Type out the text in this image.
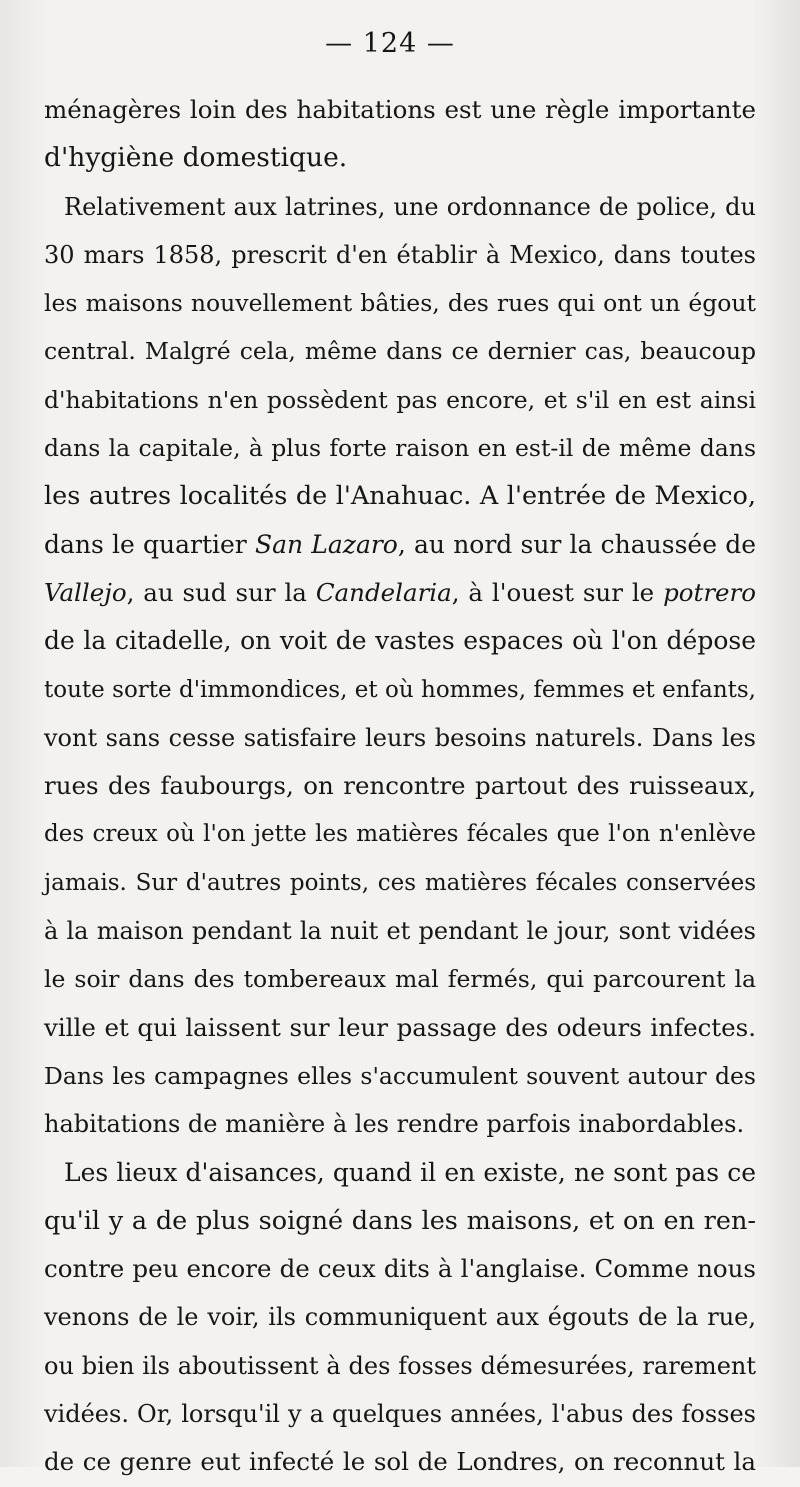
— 124 —
ménagères loin des habitations est une règle importante
d'hygiène domestique.
Relativement aux latrines, une ordonnance de police, du
30 mars 1858, prescrit d'en établir à Mexico, dans toutes
les maisons nouvellement bâties, des rues qui ont un égout
central. Malgré cela, même dans ce dernier cas, beaucoup
d'habitations n'en possèdent pas encore, et s'il en est ainsi
dans la capitale, à plus forte raison en est-il de même dans
les autres localités de l'Anahuac. A l'entrée de Mexico,
dans le quartier San Lazaro, au nord sur la chaussée de
Vallejo, au sud sur la Candelaria, à l'ouest sur le potrero
de la citadelle, on voit de vastes espaces où l'on dépose
toute sorte d'immondices, et où hommes, femmes et enfants,
vont sans cesse satisfaire leurs besoins naturels. Dans les
rues des faubourgs, on rencontre partout des ruisseaux,
des creux où l'on jette les matières fécales que l'on n'enlève
jamais. Sur d'autres points, ces matières fécales conservées
à la maison pendant la nuit et pendant le jour, sont vidées
le soir dans des tombereaux mal fermés, qui parcourent la
ville et qui laissent sur leur passage des odeurs infectes.
Dans les campagnes elles s'accumulent souvent autour des
habitations de manière à les rendre parfois inabordables.
Les lieux d'aisances, quand il en existe, ne sont pas ce
qu'il y a de plus soigné dans les maisons, et on en ren-
contre peu encore de ceux dits à l'anglaise. Comme nous
venons de le voir, ils communiquent aux égouts de la rue,
ou bien ils aboutissent à des fosses démesurées, rarement
vidées. Or, lorsqu'il y a quelques années, l'abus des fosses
de ce genre eut infecté le sol de Londres, on reconnut la
